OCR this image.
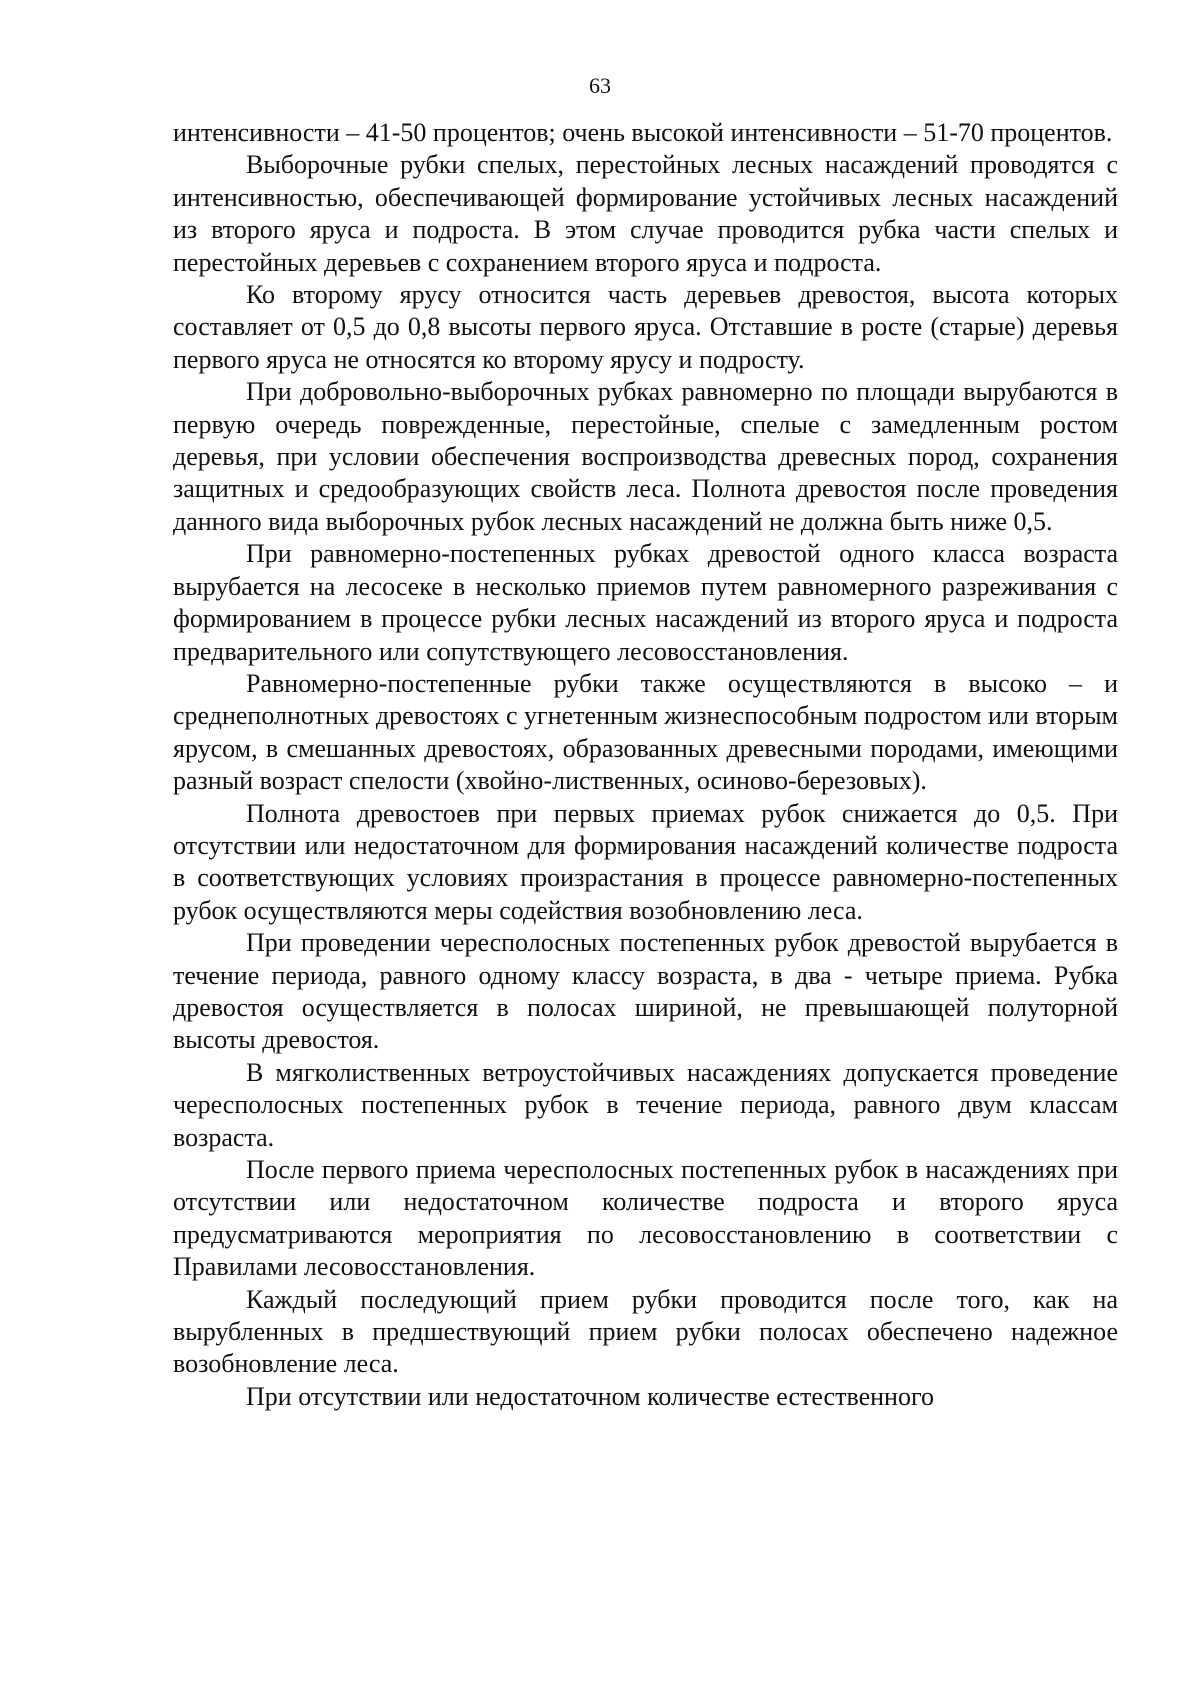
63

интенсивности – 41-50 процентов; очень высокой интенсивности – 51-70 процентов.

Выборочные рубки спелых, перестойных лесных насаждений проводятся с интенсивностью, обеспечивающей формирование устойчивых лесных насаждений из второго яруса и подроста. В этом случае проводится рубка части спелых и перестойных деревьев с сохранением второго яруса и подроста.

Ко второму ярусу относится часть деревьев древостоя, высота которых составляет от 0,5 до 0,8 высоты первого яруса. Отставшие в росте (старые) деревья первого яруса не относятся ко второму ярусу и подросту.

При добровольно-выборочных рубках равномерно по площади вырубаются в первую очередь поврежденные, перестойные, спелые с замедленным ростом деревья, при условии обеспечения воспроизводства древесных пород, сохранения защитных и средообразующих свойств леса. Полнота древостоя после проведения данного вида выборочных рубок лесных насаждений не должна быть ниже 0,5.

При равномерно-постепенных рубках древостой одного класса возраста вырубается на лесосеке в несколько приемов путем равномерного разреживания с формированием в процессе рубки лесных насаждений из второго яруса и подроста предварительного или сопутствующего лесовосстановления.

Равномерно-постепенные рубки также осуществляются в высоко – и среднеполнотных древостоях с угнетенным жизнеспособным подростом или вторым ярусом, в смешанных древостоях, образованных древесными породами, имеющими разный возраст спелости (хвойно-лиственных, осиново-березовых).

Полнота древостоев при первых приемах рубок снижается до 0,5. При отсутствии или недостаточном для формирования насаждений количестве подроста в соответствующих условиях произрастания в процессе равномерно-постепенных рубок осуществляются меры содействия возобновлению леса.

При проведении чересполосных постепенных рубок древостой вырубается в течение периода, равного одному классу возраста, в два - четыре приема. Рубка древостоя осуществляется в полосах шириной, не превышающей полуторной высоты древостоя.

В мягколиственных ветроустойчивых насаждениях допускается проведение чересполосных постепенных рубок в течение периода, равного двум классам возраста.

После первого приема чересполосных постепенных рубок в насаждениях при отсутствии или недостаточном количестве подроста и второго яруса предусматриваются мероприятия по лесовосстановлению в соответствии с Правилами лесовосстановления.

Каждый последующий прием рубки проводится после того, как на вырубленных в предшествующий прием рубки полосах обеспечено надежное возобновление леса.

При отсутствии или недостаточном количестве естественного
